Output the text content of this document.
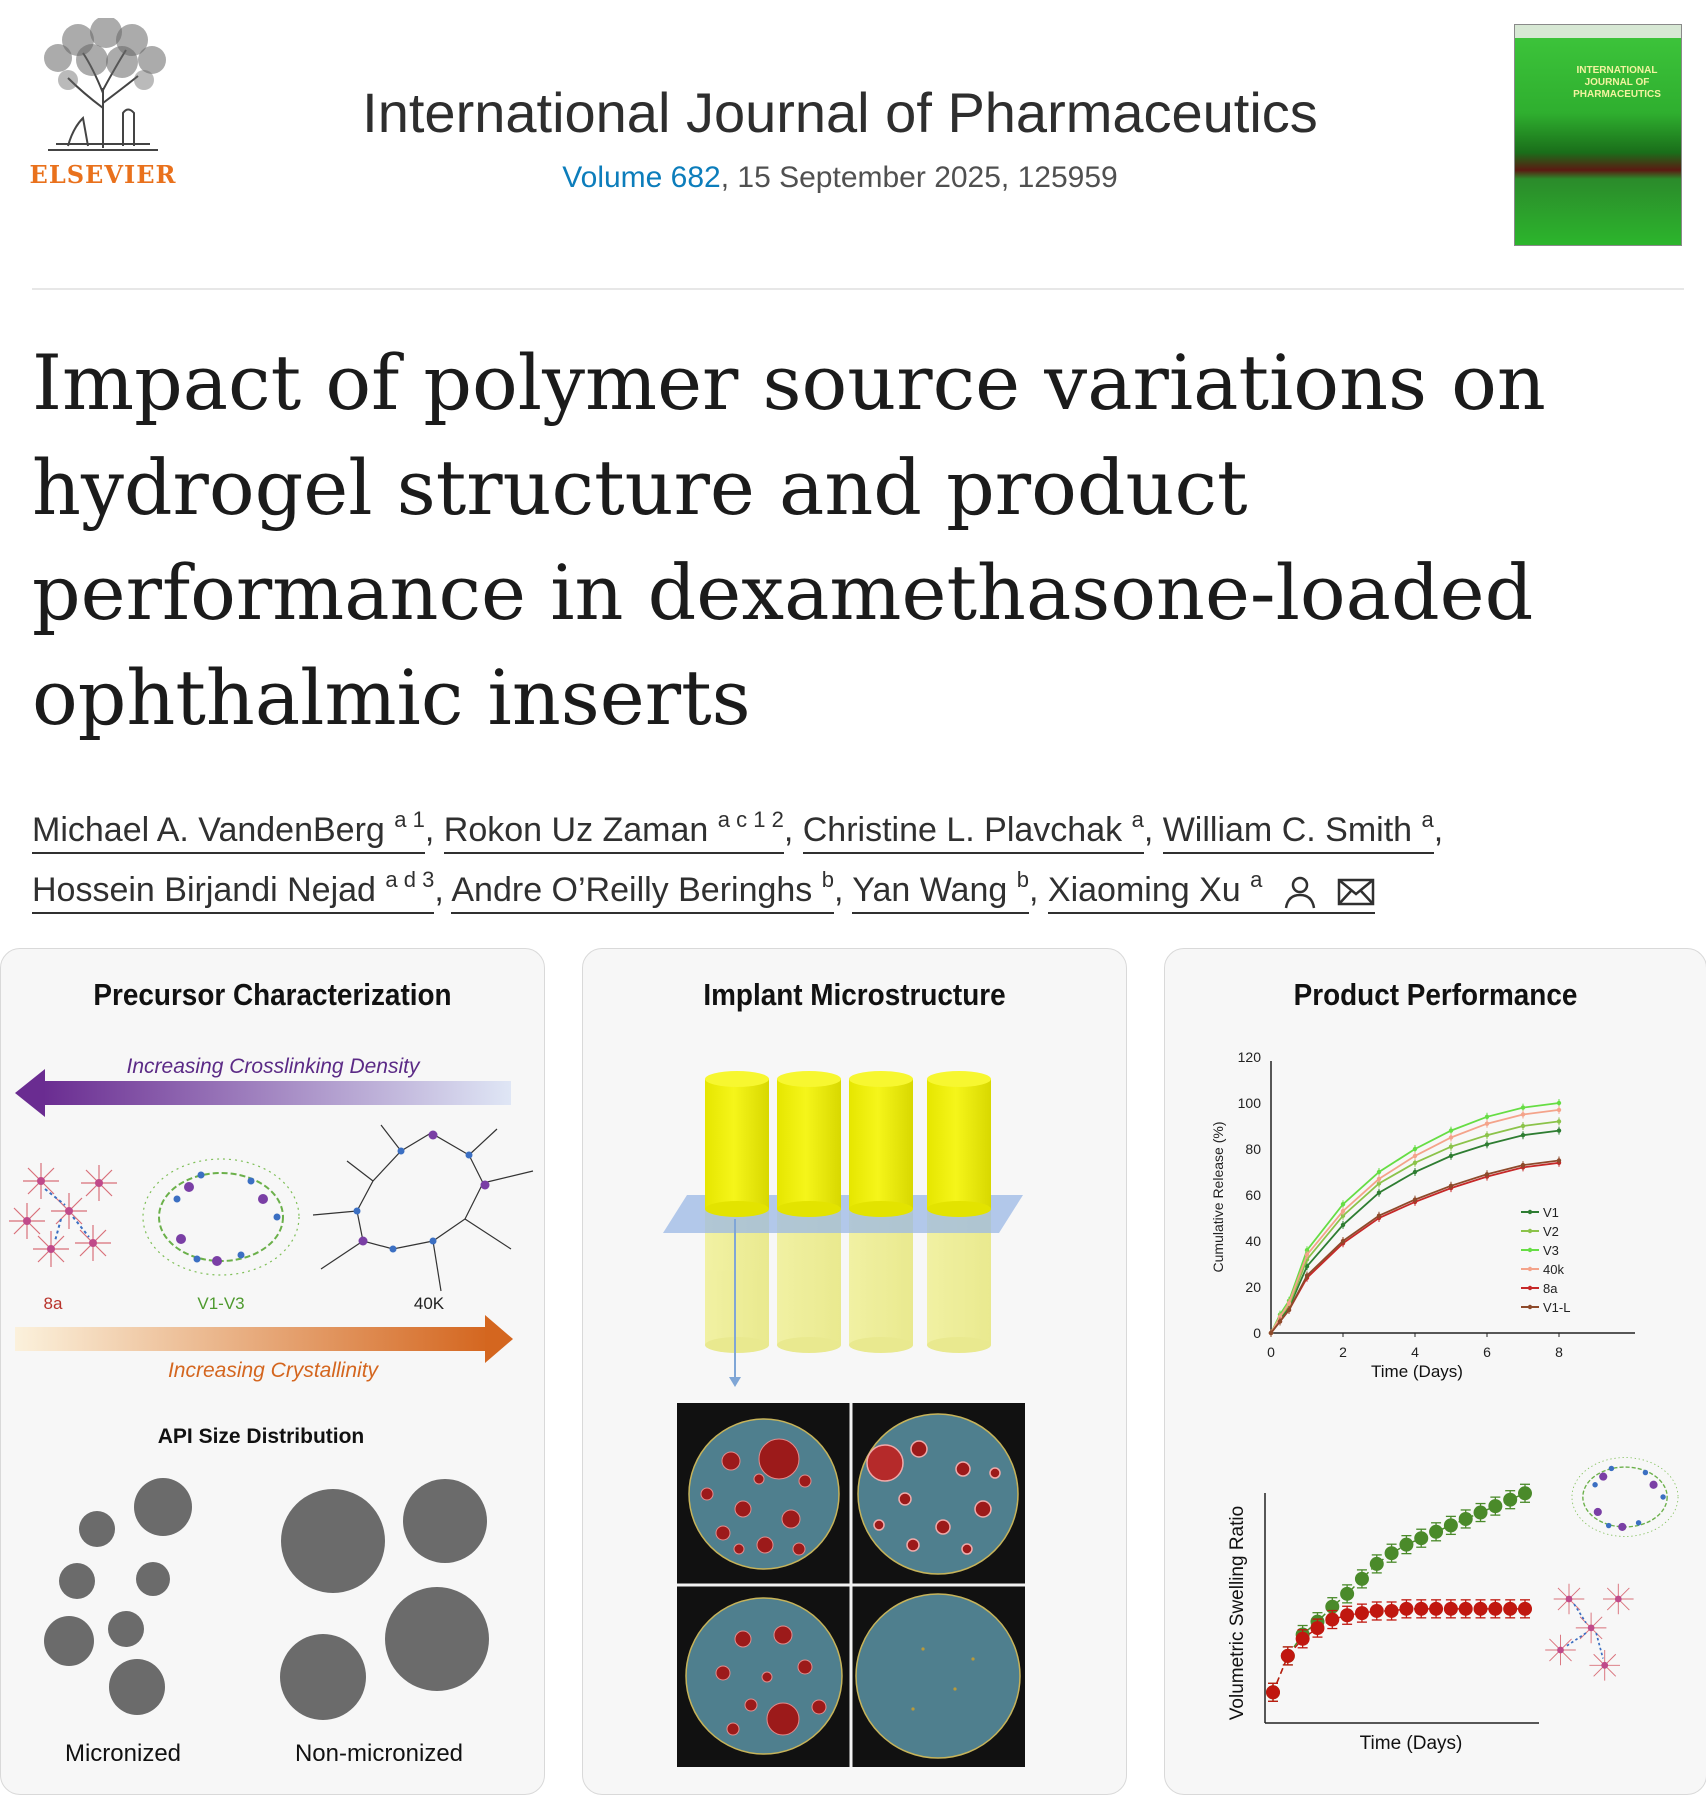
ELSEVIER
International Journal of Pharmaceutics
Volume 682, 15 September 2025, 125959
INTERNATIONAL JOURNAL OF PHARMACEUTICS
Impact of polymer source variations on hydrogel structure and product performance in dexamethasone-loaded ophthalmic inserts
Michael A. VandenBerg $^{a 1}$, Rokon Uz Zaman $^{a c 1 2}$, Christine L. Plavchak $^a$, William C. Smith $^a$,
Hossein Birjandi Nejad $^{a d 3}$, Andre O’Reilly Beringhs $^b$, Yan Wang $^b$, Xiaoming Xu $^a$
Precursor Characterization
Increasing Crosslinking Density
8a	V1-V3	40K
Increasing Crystallinity
API Size Distribution
Micronized	Non-micronized
Implant Microstructure	Product Performance
0
20
40
60
80
100
120
0	2	4	6	8
V1
V2
V3
40k
8a
V1-L
Time (Days)
Cumulative Release (%)
Time (Days)
Volumetric Swelling Ratio
